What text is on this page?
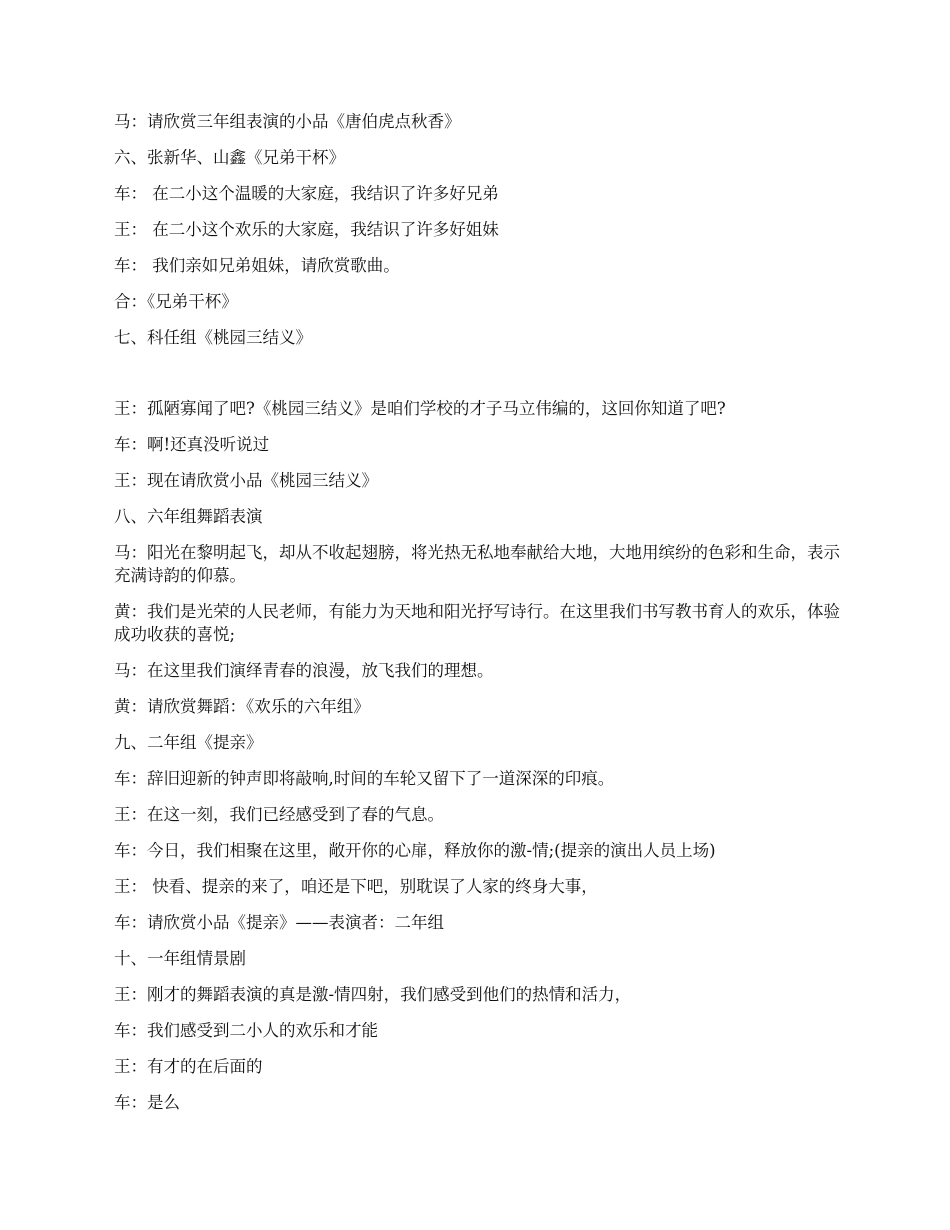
马：请欣赏三年组表演的小品《唐伯虎点秋香》

六、张新华、山鑫《兄弟干杯》

车： 在二小这个温暖的大家庭，我结识了许多好兄弟

王： 在二小这个欢乐的大家庭，我结识了许多好姐妹

车： 我们亲如兄弟姐妹，请欣赏歌曲。

合：《兄弟干杯》

七、科任组《桃园三结义》

王：孤陋寡闻了吧?《桃园三结义》是咱们学校的才子马立伟编的，这回你知道了吧?

车：啊!还真没听说过

王：现在请欣赏小品《桃园三结义》

八、六年组舞蹈表演

马：阳光在黎明起飞，却从不收起翅膀，将光热无私地奉献给大地，大地用缤纷的色彩和生命，表示充满诗韵的仰慕。

黄：我们是光荣的人民老师，有能力为天地和阳光抒写诗行。在这里我们书写教书育人的欢乐，体验成功收获的喜悦;

马：在这里我们演绎青春的浪漫，放飞我们的理想。

黄：请欣赏舞蹈：《欢乐的六年组》

九、二年组《提亲》

车：辞旧迎新的钟声即将敲响,时间的车轮又留下了一道深深的印痕。

王：在这一刻，我们已经感受到了春的气息。

车：今日，我们相聚在这里，敞开你的心扉，释放你的激-情;(提亲的演出人员上场)

王： 快看、提亲的来了，咱还是下吧，别耽误了人家的终身大事，

车：请欣赏小品《提亲》——表演者：二年组

十、一年组情景剧

王：刚才的舞蹈表演的真是激-情四射，我们感受到他们的热情和活力，

车：我们感受到二小人的欢乐和才能

王：有才的在后面的

车：是么
